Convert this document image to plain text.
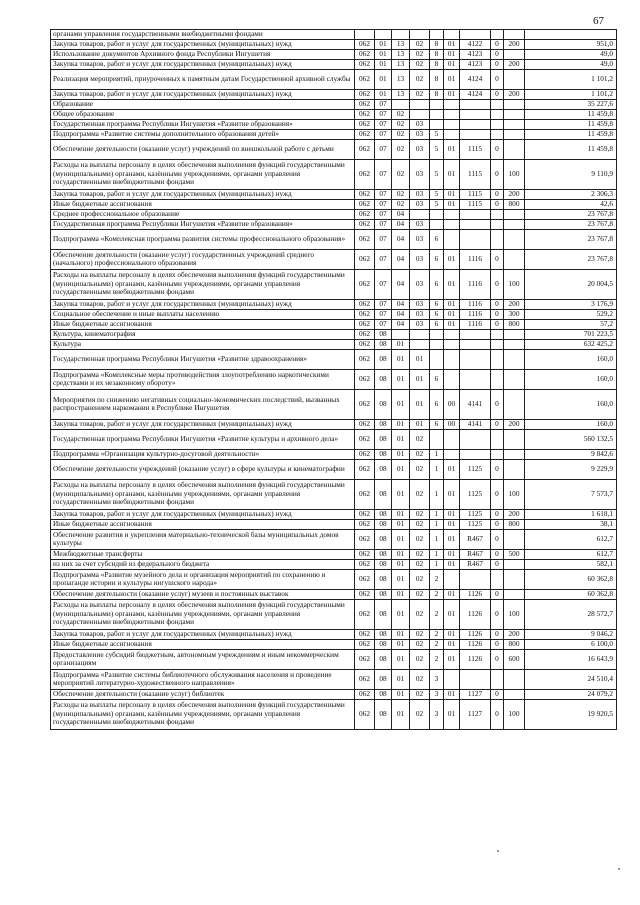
67
органами управления государственными внебюджетными фондами										
Закупка товаров, работ и услуг для государственных (муниципальных) нужд	062	01	13	02	8	01	4122	0	200	951,0
Использование документов Архивного фонда Республики Ингушетия	062	01	13	02	8	01	4123	0		49,0
Закупка товаров, работ и услуг для государственных (муниципальных) нужд	062	01	13	02	8	01	4123	0	200	49,0
Реализация мероприятий, приуроченных к памятным датам Государственной архивной службы	062	01	13	02	8	01	4124	0		1 101,2
Закупка товаров, работ и услуг для государственных (муниципальных) нужд	062	01	13	02	8	01	4124	0	200	1 101,2
Образование	062	07								35 227,6
Общее образование	062	07	02							11 459,8
Государственная программа Республики Ингушетия «Развитие образования»	062	07	02	03						11 459,8
Подпрограмма «Развитие системы дополнительного образования детей»	062	07	02	03	5					11 459,8
Обеспечение деятельности (оказание услуг) учреждений по внешкольной работе с детьми	062	07	02	03	5	01	1115	0		11 459,8
Расходы на выплаты персоналу в целях обеспечения выполнения функций государственными (муниципальными) органами, казёнными учреждениями, органами управления государственными внебюджетными фондами	062	07	02	03	5	01	1115	0	100	9 110,9
Закупка товаров, работ и услуг для государственных (муниципальных) нужд	062	07	02	03	5	01	1115	0	200	2 306,3
Иные бюджетные ассигнования	062	07	02	03	5	01	1115	0	800	42,6
Среднее профессиональное образование	062	07	04							23 767,8
Государственная программа Республики Ингушетия «Развитие образования»	062	07	04	03						23 767,8
Подпрограмма «Комплексная программа развития системы профессионального образования»	062	07	04	03	6					23 767,8
Обеспечение деятельности (оказание услуг) государственных учреждений среднего (начального) профессионального образования	062	07	04	03	6	01	1116	0		23 767,8
Расходы на выплаты персоналу в целях обеспечения выполнения функций государственными (муниципальными) органами, казёнными учреждениями, органами управления государственными внебюджетными фондами	062	07	04	03	6	01	1116	0	100	20 004,5
Закупка товаров, работ и услуг для государственных (муниципальных) нужд	062	07	04	03	6	01	1116	0	200	3 176,9
Социальное обеспечение и иные выплаты населению	062	07	04	03	6	01	1116	0	300	529,2
Иные бюджетные ассигнования	062	07	04	03	6	01	1116	0	800	57,2
Культура, кинематография	062	08								701 223,5
Культура	062	08	01							632 425,2
Государственная программа Республики Ингушетия «Развитие здравоохранения»	062	08	01	01						160,0
Подпрограмма «Комплексные меры противодействия злоупотреблению наркотическими средствами и их незаконному обороту»	062	08	01	01	6					160,0
Мероприятия по снижению негативных социально-экономических последствий, вызванных распространением наркомании в Республике Ингушетия	062	08	01	01	6	00	4141	0		160,0
Закупка товаров, работ и услуг для государственных (муниципальных) нужд	062	08	01	01	6	00	4141	0	200	160,0
Государственная программа Республики Ингушетия «Развитие культуры и архивного дела»	062	08	01	02						560 132,5
Подпрограмма «Организация культурно-досуговой деятельности»	062	08	01	02	1					9 842,6
Обеспечение деятельности учреждений (оказание услуг) в сфере культуры и кинематографии	062	08	01	02	1	01	1125	0		9 229,9
Расходы на выплаты персоналу в целях обеспечения выполнения функций государственными (муниципальными) органами, казёнными учреждениями, органами управления государственными внебюджетными фондами	062	08	01	02	1	01	1125	0	100	7 573,7
Закупка товаров, работ и услуг для государственных (муниципальных) нужд	062	08	01	02	1	01	1125	0	200	1 618,1
Иные бюджетные ассигнования	062	08	01	02	1	01	1125	0	800	38,1
Обеспечение развития и укрепления материально-технической базы муниципальных домов культуры	062	08	01	02	1	01	R467	0		612,7
Межбюджетные трансферты	062	08	01	02	1	01	R467	0	500	612,7
из них за счет субсидий из федерального бюджета	062	08	01	02	1	01	R467	0		582,1
Подпрограмма «Развитие музейного дела и организация мероприятий по сохранению и пропаганде истории и культуры ингушского народа»	062	08	01	02	2					60 362,8
Обеспечение деятельности (оказание услуг) музеев и постоянных выставок	062	08	01	02	2	01	1126	0		60 362,8
Расходы на выплаты персоналу в целях обеспечения выполнения функций государственными (муниципальными) органами, казёнными учреждениями, органами управления государственными внебюджетными фондами	062	08	01	02	2	01	1126	0	100	28 572,7
Закупка товаров, работ и услуг для государственных (муниципальных) нужд	062	08	01	02	2	01	1126	0	200	9 046,2
Иные бюджетные ассигнования	062	08	01	02	2	01	1126	0	800	6 100,0
Предоставление субсидий бюджетным, автономным учреждениям и иным некоммерческим организациям	062	08	01	02	2	01	1126	0	600	16 643,9
Подпрограмма «Развитие системы библиотечного обслуживания населения и проведение мероприятий литературно-художественного направления»	062	08	01	02	3					24 510,4
Обеспечение деятельности (оказание услуг) библиотек	062	08	01	02	3	01	1127	0		24 079,2
Расходы на выплаты персоналу в целях обеспечения выполнения функций государственными (муниципальными) органами, казёнными учреждениями, органами управления государственными внебюджетными фондами	062	08	01	02	3	01	1127	0	100	19 920,5
